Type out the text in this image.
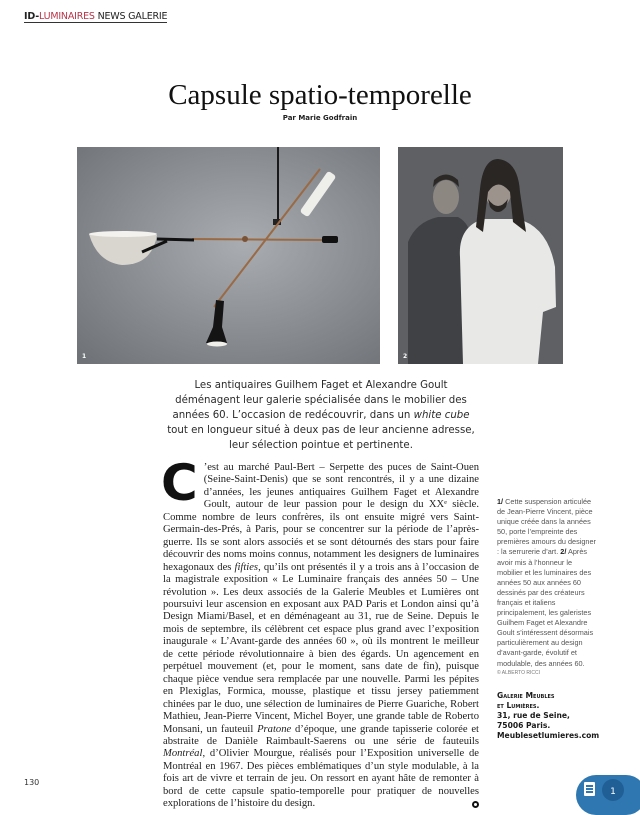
ID-LUMINAIRES NEWS GALERIE
Capsule spatio-temporelle
Par Marie Godfrain
1	2
Les antiquaires Guilhem Faget et Alexandre Goult déménagent leur galerie spécialisée dans le mobilier des années 60. L’occasion de redécouvrir, dans un white cube tout en longueur situé à deux pas de leur ancienne adresse, leur sélection pointue et pertinente.
C ’est au marché Paul-Bert – Serpette des puces de Saint-Ouen (Seine-Saint-Denis) que se sont rencontrés, il y a une dizaine d’années, les jeunes antiquaires Guilhem Faget et Alexandre Goult, autour de leur passion pour le design du XXᵉ siècle. Comme nombre de leurs confrères, ils ont ensuite migré vers Saint-Germain-des-Prés, à Paris, pour se concentrer sur la période de l’après-guerre. Ils se sont alors associés et se sont détournés des stars pour faire découvrir des noms moins connus, notamment les designers de luminaires hexagonaux des fifties, qu’ils ont présentés il y a trois ans à l’occasion de la magistrale exposition « Le Luminaire français des années 50 – Une révolution ». Les deux associés de la Galerie Meubles et Lumières ont poursuivi leur ascension en exposant aux PAD Paris et London ainsi qu’à Design Miami/Basel, et en déménageant au 31, rue de Seine. Depuis le mois de septembre, ils célèbrent cet espace plus grand avec l’exposition inaugurale « L’Avant-garde des années 60 », où ils montrent le meilleur de cette période révolutionnaire à bien des égards. Un agencement en perpétuel mouvement (et, pour le moment, sans date de fin), puisque chaque pièce vendue sera remplacée par une nouvelle. Parmi les pépites en Plexiglas, Formica, mousse, plastique et tissu jersey patiemment chinées par le duo, une sélection de luminaires de Pierre Guariche, Robert Mathieu, Jean-Pierre Vincent, Michel Boyer, une grande table de Roberto Monsani, un fauteuil Pratone d’époque, une grande tapisserie colorée et abstraite de Danièle Raimbault-Saerens ou une série de fauteuils Montréal, d’Olivier Mourgue, réalisés pour l’Exposition universelle de Montréal en 1967. Des pièces emblématiques d’un style modulable, à la fois art de vivre et terrain de jeu. On ressort en ayant hâte de remonter à bord de cette capsule spatio-temporelle pour pratiquer de nouvelles explorations de l’histoire du design.
1/ Cette suspension articulée de Jean-Pierre Vincent, pièce unique créée dans la années 50, porte l’empreinte des premières amours du designer : la serrurerie d’art. 2/ Après avoir mis à l’honneur le mobilier et les luminaires des années 50 aux années 60 dessinés par des créateurs français et italiens principalement, les galeristes Guilhem Faget et Alexandre Goult s’intéressent désormais particulièrement au design d’avant-garde, évolutif et modulable, des années 60.
© ALBERTO RICCI
Galerie Meubles
et Lumières.
31, rue de Seine,
75006 Paris.
Meublesetlumieres.com
130
1
